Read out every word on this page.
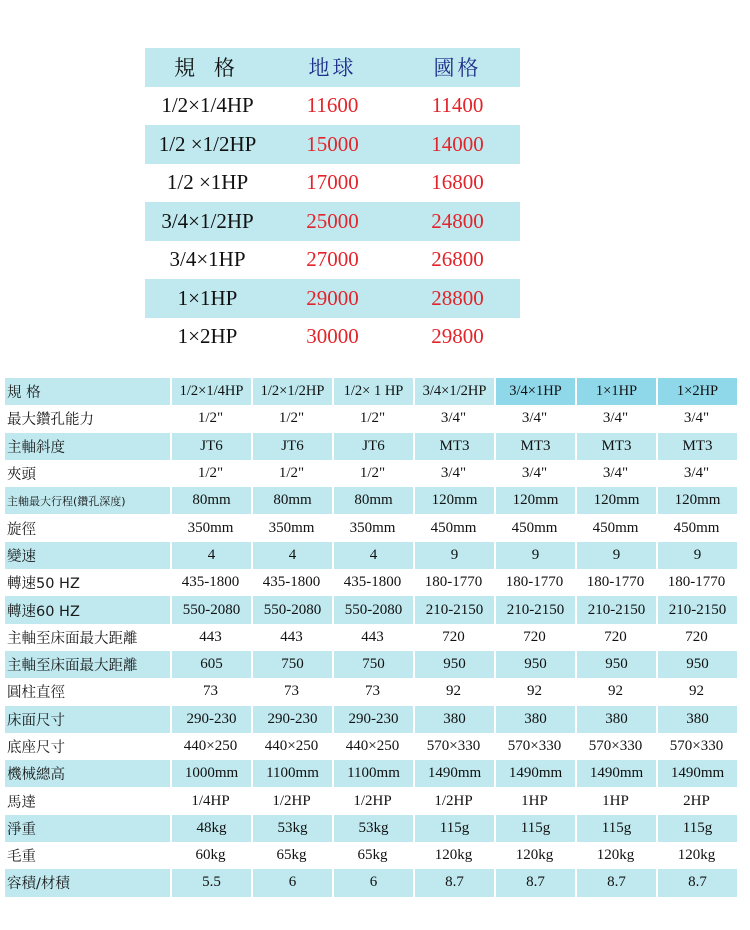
規 格	地球	國格
1/2×1/4HP	11600	11400
1/2 ×1/2HP	15000	14000
1/2 ×1HP	17000	16800
3/4×1/2HP	25000	24800
3/4×1HP	27000	26800
1×1HP	29000	28800
1×2HP	30000	29800
規 格	1/2×1/4HP	1/2×1/2HP	1/2× 1 HP	3/4×1/2HP	3/4×1HP	1×1HP	1×2HP
最大鑽孔能力	1/2"	1/2"	1/2"	3/4"	3/4"	3/4"	3/4"
主軸斜度	JT6	JT6	JT6	MT3	MT3	MT3	MT3
夾頭	1/2"	1/2"	1/2"	3/4"	3/4"	3/4"	3/4"
主軸最大行程(鑽孔深度)	80mm	80mm	80mm	120mm	120mm	120mm	120mm
旋徑	350mm	350mm	350mm	450mm	450mm	450mm	450mm
變速	4	4	4	9	9	9	9
轉速50 HZ	435-1800	435-1800	435-1800	180-1770	180-1770	180-1770	180-1770
轉速60 HZ	550-2080	550-2080	550-2080	210-2150	210-2150	210-2150	210-2150
主軸至床面最大距離	443	443	443	720	720	720	720
主軸至床面最大距離	605	750	750	950	950	950	950
圓柱直徑	73	73	73	92	92	92	92
床面尺寸	290-230	290-230	290-230	380	380	380	380
底座尺寸	440×250	440×250	440×250	570×330	570×330	570×330	570×330
機械總高	1000mm	1100mm	1100mm	1490mm	1490mm	1490mm	1490mm
馬達	1/4HP	1/2HP	1/2HP	1/2HP	1HP	1HP	2HP
淨重	48kg	53kg	53kg	115g	115g	115g	115g
毛重	60kg	65kg	65kg	120kg	120kg	120kg	120kg
容積/材積	5.5	6	6	8.7	8.7	8.7	8.7
